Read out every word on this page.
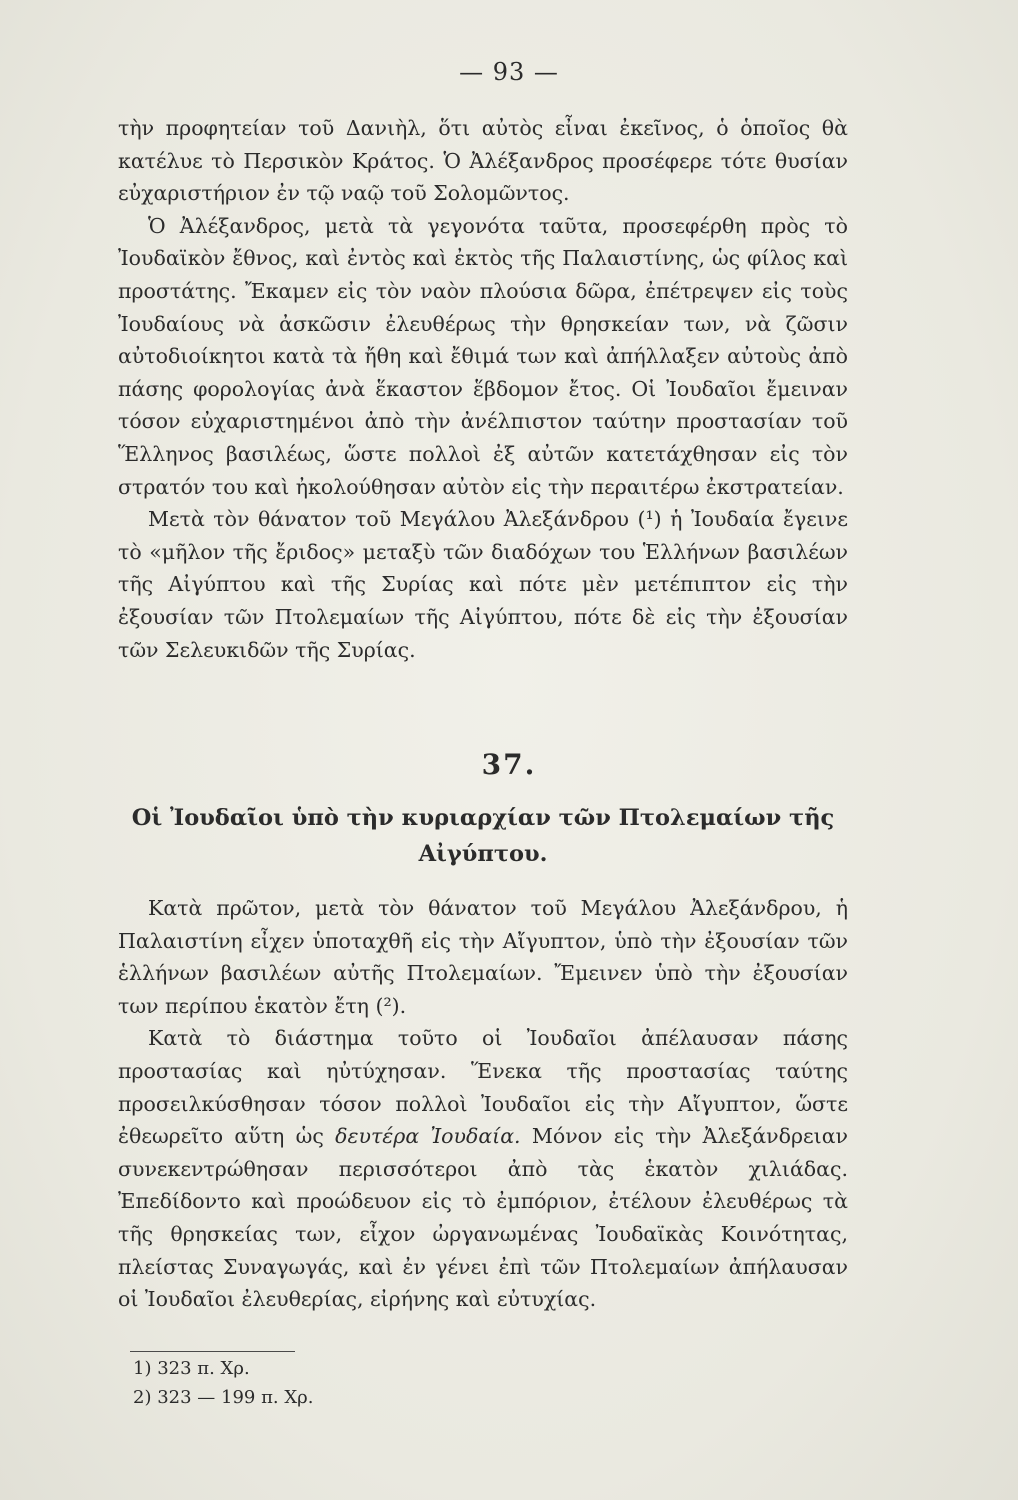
— 93 —

τὴν προφητείαν τοῦ Δανιὴλ, ὅτι αὐτὸς εἶναι ἐκεῖνος, ὁ ὁποῖος θὰ κατέλυε τὸ Περσικὸν Κράτος. Ὁ Ἀλέξανδρος προσέφερε τότε θυσίαν εὐχαριστήριον ἐν τῷ ναῷ τοῦ Σολομῶντος.

Ὁ Ἀλέξανδρος, μετὰ τὰ γεγονότα ταῦτα, προσεφέρθη πρὸς τὸ Ἰουδαϊκὸν ἔθνος, καὶ ἐντὸς καὶ ἐκτὸς τῆς Παλαιστίνης, ὡς φίλος καὶ προστάτης. Ἔκαμεν εἰς τὸν ναὸν πλούσια δῶρα, ἐπέτρεψεν εἰς τοὺς Ἰουδαίους νὰ ἀσκῶσιν ἐλευθέρως τὴν θρησκείαν των, νὰ ζῶσιν αὐτοδιοίκητοι κατὰ τὰ ἤθη καὶ ἔθιμά των καὶ ἀπήλλαξεν αὐτοὺς ἀπὸ πάσης φορολογίας ἀνὰ ἕκαστον ἕβδομον ἔτος. Οἱ Ἰουδαῖοι ἔμειναν τόσον εὐχαριστημένοι ἀπὸ τὴν ἀνέλπιστον ταύτην προστασίαν τοῦ Ἕλληνος βασιλέως, ὥστε πολλοὶ ἐξ αὐτῶν κατετάχθησαν εἰς τὸν στρατόν του καὶ ἠκολούθησαν αὐτὸν εἰς τὴν περαιτέρω ἐκστρατείαν.

Μετὰ τὸν θάνατον τοῦ Μεγάλου Ἀλεξάνδρου (¹) ἡ Ἰουδαία ἔγεινε τὸ «μῆλον τῆς ἔριδος» μεταξὺ τῶν διαδόχων του Ἑλλήνων βασιλέων τῆς Αἰγύπτου καὶ τῆς Συρίας καὶ πότε μὲν μετέπιπτον εἰς τὴν ἐξουσίαν τῶν Πτολεμαίων τῆς Αἰγύπτου, πότε δὲ εἰς τὴν ἐξουσίαν τῶν Σελευκιδῶν τῆς Συρίας.

37.
Οἱ Ἰουδαῖοι ὑπὸ τὴν κυριαρχίαν τῶν Πτολεμαίων τῆς Αἰγύπτου.

Κατὰ πρῶτον, μετὰ τὸν θάνατον τοῦ Μεγάλου Ἀλεξάνδρου, ἡ Παλαιστίνη εἶχεν ὑποταχθῆ εἰς τὴν Αἴγυπτον, ὑπὸ τὴν ἐξουσίαν τῶν ἑλλήνων βασιλέων αὐτῆς Πτολεμαίων. Ἔμεινεν ὑπὸ τὴν ἐξουσίαν των περίπου ἑκατὸν ἔτη (²).

Κατὰ τὸ διάστημα τοῦτο οἱ Ἰουδαῖοι ἀπέλαυσαν πάσης προστασίας καὶ ηὐτύχησαν. Ἕνεκα τῆς προστασίας ταύτης προσειλκύσθησαν τόσον πολλοὶ Ἰουδαῖοι εἰς τὴν Αἴγυπτον, ὥστε ἐθεωρεῖτο αὕτη ὡς δευτέρα Ἰουδαία. Μόνον εἰς τὴν Ἀλεξάνδρειαν συνεκεντρώθησαν περισσότεροι ἀπὸ τὰς ἑκατὸν χιλιάδας. Ἐπεδίδοντο καὶ προώδευον εἰς τὸ ἐμπόριον, ἐτέλουν ἐλευθέρως τὰ τῆς θρησκείας των, εἶχον ὠργανωμένας Ἰουδαϊκὰς Κοινότητας, πλείστας Συναγωγάς, καὶ ἐν γένει ἐπὶ τῶν Πτολεμαίων ἀπήλαυσαν οἱ Ἰουδαῖοι ἐλευθερίας, εἰρήνης καὶ εὐτυχίας.

1) 323 π. Χρ.
2) 323 — 199 π. Χρ.
